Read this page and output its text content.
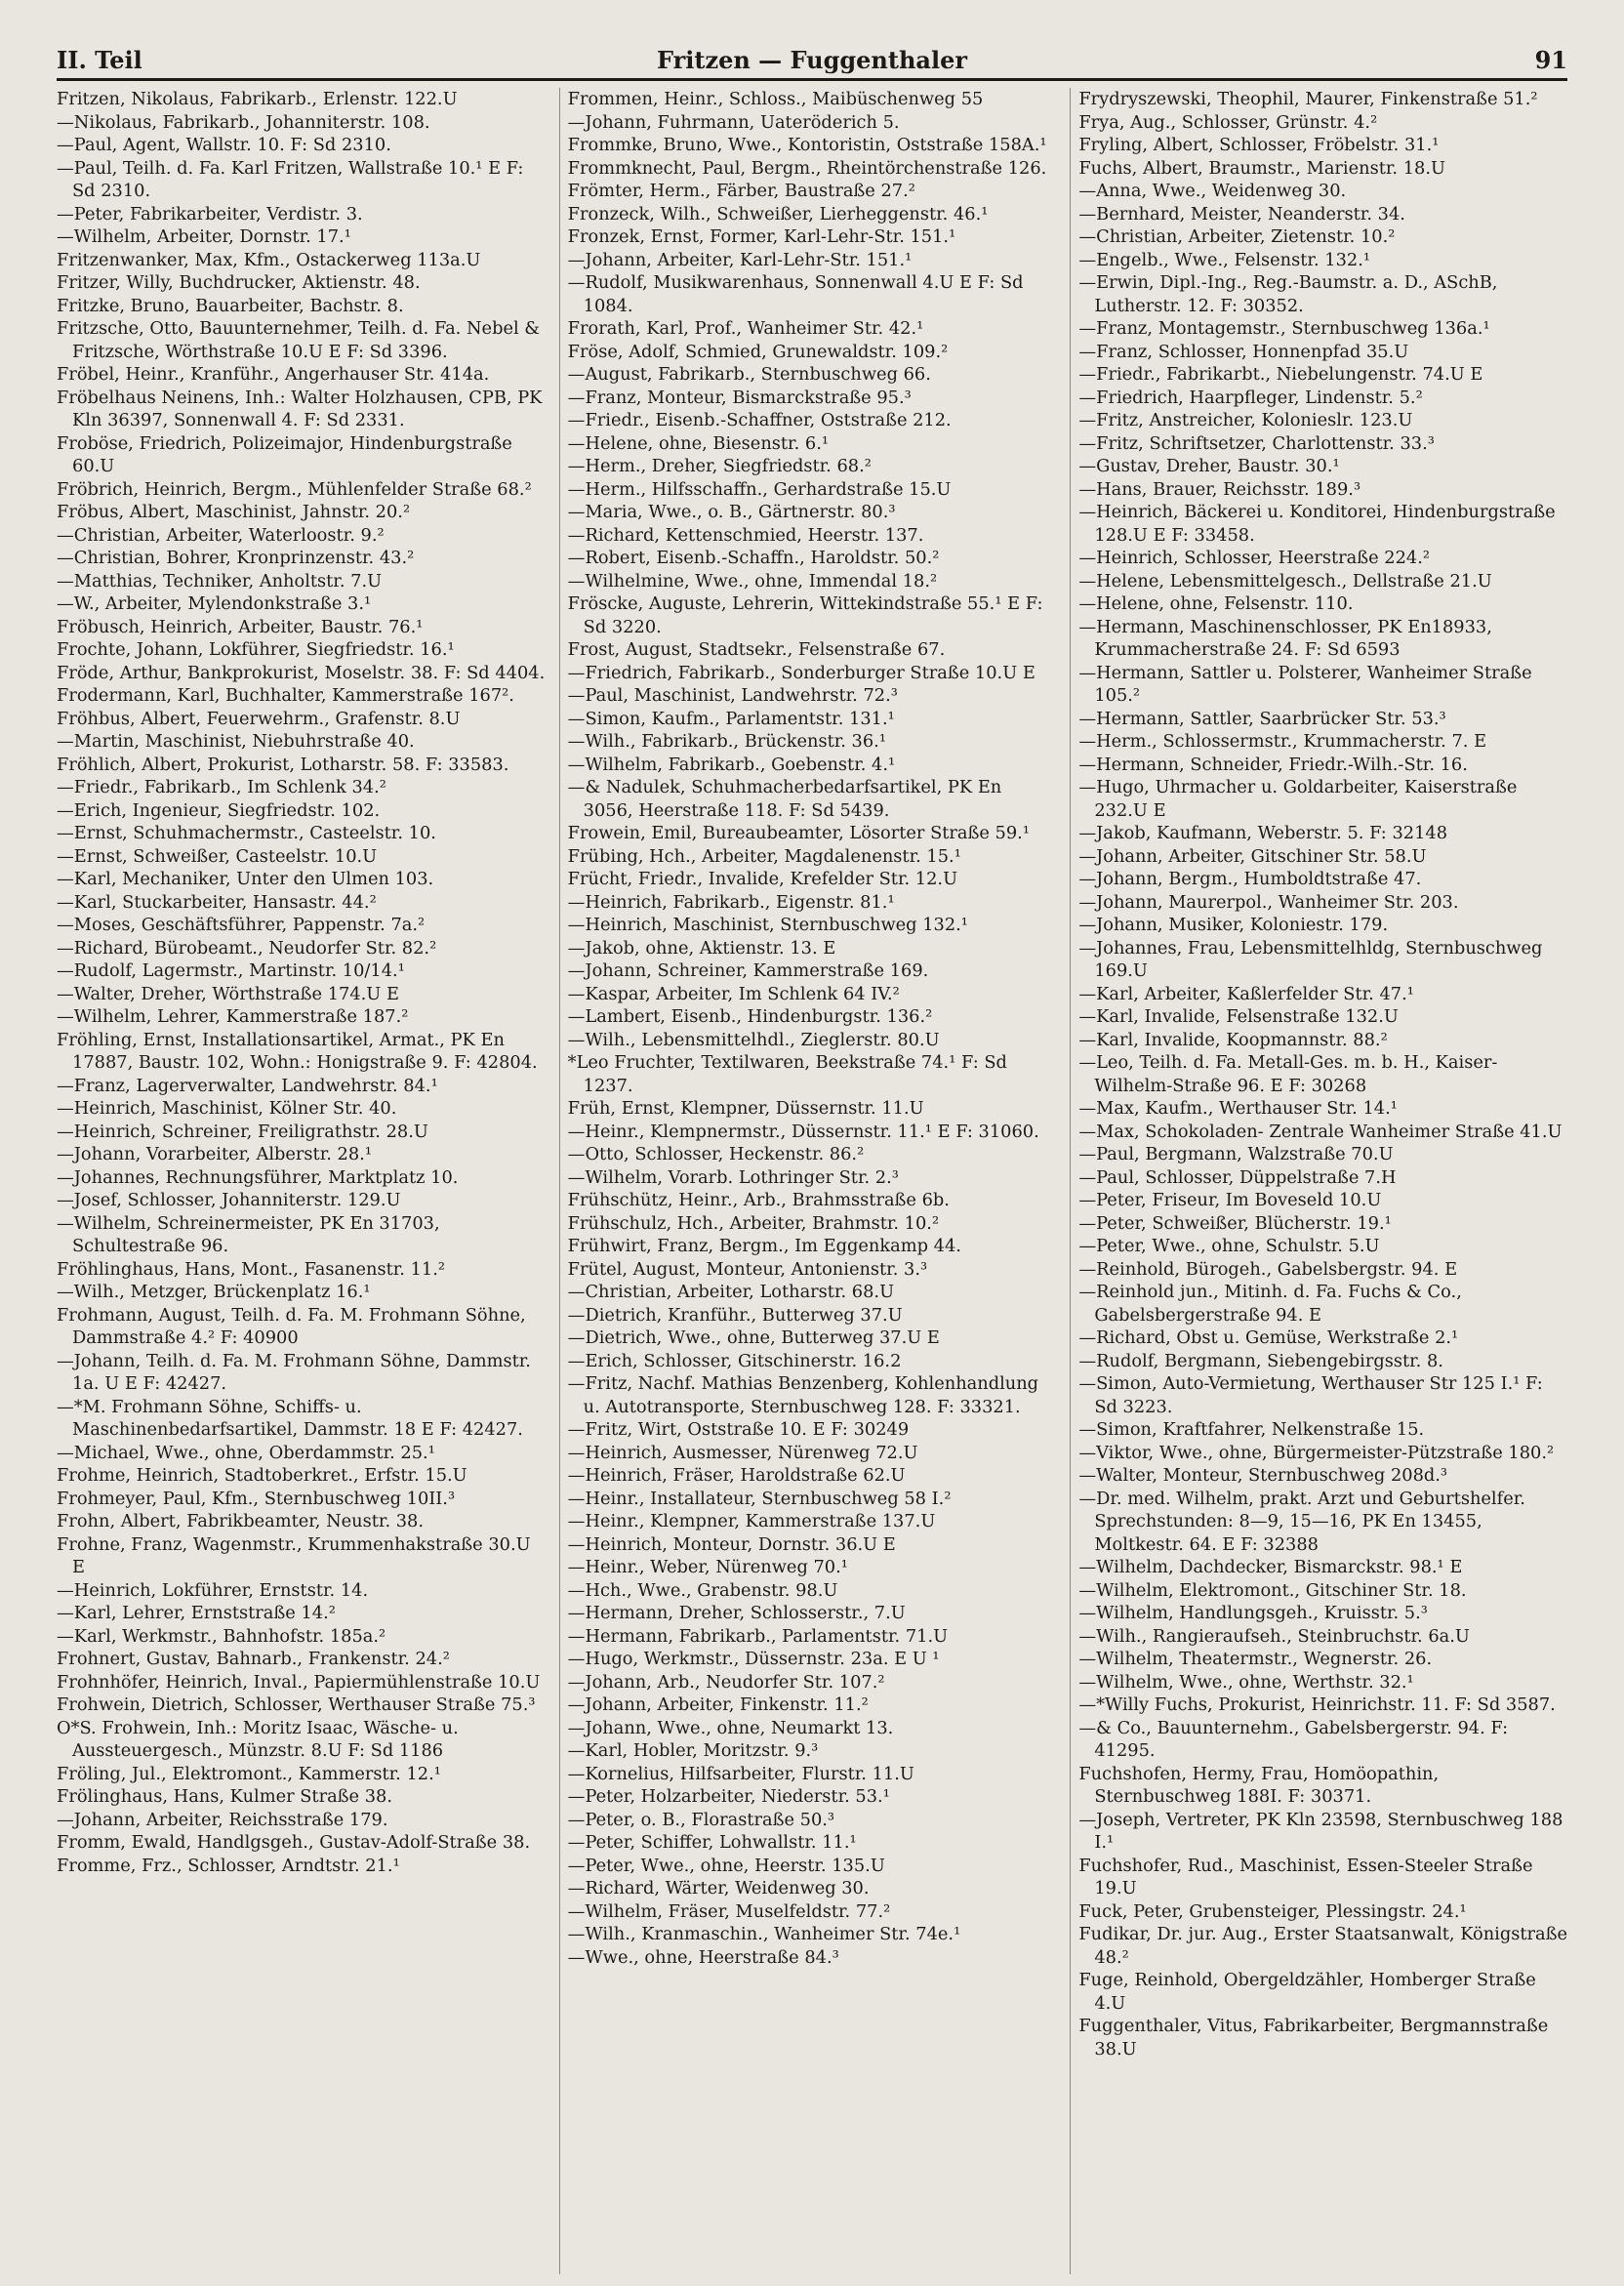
II. Teil	Fritzen — Fuggenthaler	91

Fritzen, Nikolaus, Fabrikarb., Erlenstr. 122.U

—Nikolaus, Fabrikarb., Johanniterstr. 108.

—Paul, Agent, Wallstr. 10. F: Sd 2310.

—Paul, Teilh. d. Fa. Karl Fritzen, Wallstraße 10.¹ E F: Sd 2310.

—Peter, Fabrikarbeiter, Verdistr. 3.

—Wilhelm, Arbeiter, Dornstr. 17.¹

Fritzenwanker, Max, Kfm., Ostackerweg 113a.U

Fritzer, Willy, Buchdrucker, Aktienstr. 48.

Fritzke, Bruno, Bauarbeiter, Bachstr. 8.

Fritzsche, Otto, Bauunternehmer, Teilh. d. Fa. Nebel & Fritzsche, Wörthstraße 10.U E F: Sd 3396.

Fröbel, Heinr., Kranführ., Angerhauser Str. 414a.

Fröbelhaus Neinens, Inh.: Walter Holzhausen, CPB, PK Kln 36397, Sonnenwall 4. F: Sd 2331.

Froböse, Friedrich, Polizeimajor, Hindenburgstraße 60.U

Fröbrich, Heinrich, Bergm., Mühlenfelder Straße 68.²

Fröbus, Albert, Maschinist, Jahnstr. 20.²

—Christian, Arbeiter, Waterloostr. 9.²

—Christian, Bohrer, Kronprinzenstr. 43.²

—Matthias, Techniker, Anholtstr. 7.U

—W., Arbeiter, Mylendonkstraße 3.¹

Fröbusch, Heinrich, Arbeiter, Baustr. 76.¹

Frochte, Johann, Lokführer, Siegfriedstr. 16.¹

Fröde, Arthur, Bankprokurist, Moselstr. 38. F: Sd 4404.

Frodermann, Karl, Buchhalter, Kammerstraße 167².

Fröhbus, Albert, Feuerwehrm., Grafenstr. 8.U

—Martin, Maschinist, Niebuhrstraße 40.

Fröhlich, Albert, Prokurist, Lotharstr. 58. F: 33583.

—Friedr., Fabrikarb., Im Schlenk 34.²

—Erich, Ingenieur, Siegfriedstr. 102.

—Ernst, Schuhmachermstr., Casteelstr. 10.

—Ernst, Schweißer, Casteelstr. 10.U

—Karl, Mechaniker, Unter den Ulmen 103.

—Karl, Stuckarbeiter, Hansastr. 44.²

—Moses, Geschäftsführer, Pappenstr. 7a.²

—Richard, Bürobeamt., Neudorfer Str. 82.²

—Rudolf, Lagermstr., Martinstr. 10/14.¹

—Walter, Dreher, Wörthstraße 174.U E

—Wilhelm, Lehrer, Kammerstraße 187.²

Fröhling, Ernst, Installationsartikel, Armat., PK En 17887, Baustr. 102, Wohn.: Honigstraße 9. F: 42804.

—Franz, Lagerverwalter, Landwehrstr. 84.¹

—Heinrich, Maschinist, Kölner Str. 40.

—Heinrich, Schreiner, Freiligrathstr. 28.U

—Johann, Vorarbeiter, Alberstr. 28.¹

—Johannes, Rechnungsführer, Marktplatz 10.

—Josef, Schlosser, Johanniterstr. 129.U

—Wilhelm, Schreinermeister, PK En 31703, Schultestraße 96.

Fröhlinghaus, Hans, Mont., Fasanenstr. 11.²

—Wilh., Metzger, Brückenplatz 16.¹

Frohmann, August, Teilh. d. Fa. M. Frohmann Söhne, Dammstraße 4.² F: 40900

—Johann, Teilh. d. Fa. M. Frohmann Söhne, Dammstr. 1a. U E F: 42427.

—*M. Frohmann Söhne, Schiffs- u. Maschinenbedarfsartikel, Dammstr. 18 E F: 42427.

—Michael, Wwe., ohne, Oberdammstr. 25.¹

Frohme, Heinrich, Stadtoberkret., Erfstr. 15.U

Frohmeyer, Paul, Kfm., Sternbuschweg 10II.³

Frohn, Albert, Fabrikbeamter, Neustr. 38.

Frohne, Franz, Wagenmstr., Krummenhakstraße 30.U E

—Heinrich, Lokführer, Ernststr. 14.

—Karl, Lehrer, Ernststraße 14.²

—Karl, Werkmstr., Bahnhofstr. 185a.²

Frohnert, Gustav, Bahnarb., Frankenstr. 24.²

Frohnhöfer, Heinrich, Inval., Papiermühlenstraße 10.U

Frohwein, Dietrich, Schlosser, Werthauser Straße 75.³

O*S. Frohwein, Inh.: Moritz Isaac, Wäsche- u. Aussteuergesch., Münzstr. 8.U F: Sd 1186

Fröling, Jul., Elektromont., Kammerstr. 12.¹

Frölinghaus, Hans, Kulmer Straße 38.

—Johann, Arbeiter, Reichsstraße 179.

Fromm, Ewald, Handlgsgeh., Gustav-Adolf-Straße 38.

Fromme, Frz., Schlosser, Arndtstr. 21.¹

Frommen, Heinr., Schloss., Maibüschenweg 55

—Johann, Fuhrmann, Uateröderich 5.

Frommke, Bruno, Wwe., Kontoristin, Oststraße 158A.¹

Frommknecht, Paul, Bergm., Rheintörchenstraße 126.

Frömter, Herm., Färber, Baustraße 27.²

Fronzeck, Wilh., Schweißer, Lierheggenstr. 46.¹

Fronzek, Ernst, Former, Karl-Lehr-Str. 151.¹

—Johann, Arbeiter, Karl-Lehr-Str. 151.¹

—Rudolf, Musikwarenhaus, Sonnenwall 4.U E F: Sd 1084.

Frorath, Karl, Prof., Wanheimer Str. 42.¹

Fröse, Adolf, Schmied, Grunewaldstr. 109.²

—August, Fabrikarb., Sternbuschweg 66.

—Franz, Monteur, Bismarckstraße 95.³

—Friedr., Eisenb.-Schaffner, Oststraße 212.

—Helene, ohne, Biesenstr. 6.¹

—Herm., Dreher, Siegfriedstr. 68.²

—Herm., Hilfsschaffn., Gerhardstraße 15.U

—Maria, Wwe., o. B., Gärtnerstr. 80.³

—Richard, Kettenschmied, Heerstr. 137.

—Robert, Eisenb.-Schaffn., Haroldstr. 50.²

—Wilhelmine, Wwe., ohne, Immendal 18.²

Fröscke, Auguste, Lehrerin, Wittekindstraße 55.¹ E F: Sd 3220.

Frost, August, Stadtsekr., Felsenstraße 67.

—Friedrich, Fabrikarb., Sonderburger Straße 10.U E

—Paul, Maschinist, Landwehrstr. 72.³

—Simon, Kaufm., Parlamentstr. 131.¹

—Wilh., Fabrikarb., Brückenstr. 36.¹

—Wilhelm, Fabrikarb., Goebenstr. 4.¹

—& Nadulek, Schuhmacherbedarfsartikel, PK En 3056, Heerstraße 118. F: Sd 5439.

Frowein, Emil, Bureaubeamter, Lösorter Straße 59.¹

Frübing, Hch., Arbeiter, Magdalenenstr. 15.¹

Frücht, Friedr., Invalide, Krefelder Str. 12.U

—Heinrich, Fabrikarb., Eigenstr. 81.¹

—Heinrich, Maschinist, Sternbuschweg 132.¹

—Jakob, ohne, Aktienstr. 13. E

—Johann, Schreiner, Kammerstraße 169.

—Kaspar, Arbeiter, Im Schlenk 64 IV.²

—Lambert, Eisenb., Hindenburgstr. 136.²

—Wilh., Lebensmittelhdl., Zieglerstr. 80.U

*Leo Fruchter, Textilwaren, Beekstraße 74.¹ F: Sd 1237.

Früh, Ernst, Klempner, Düssernstr. 11.U

—Heinr., Klempnermstr., Düssernstr. 11.¹ E F: 31060.

—Otto, Schlosser, Heckenstr. 86.²

—Wilhelm, Vorarb. Lothringer Str. 2.³

Frühschütz, Heinr., Arb., Brahmsstraße 6b.

Frühschulz, Hch., Arbeiter, Brahmstr. 10.²

Frühwirt, Franz, Bergm., Im Eggenkamp 44.

Frütel, August, Monteur, Antonienstr. 3.³

—Christian, Arbeiter, Lotharstr. 68.U

—Dietrich, Kranführ., Butterweg 37.U

—Dietrich, Wwe., ohne, Butterweg 37.U E

—Erich, Schlosser, Gitschinerstr. 16.2

—Fritz, Nachf. Mathias Benzenberg, Kohlenhandlung u. Autotransporte, Sternbuschweg 128. F: 33321.

—Fritz, Wirt, Oststraße 10. E F: 30249

—Heinrich, Ausmesser, Nürenweg 72.U

—Heinrich, Fräser, Haroldstraße 62.U

—Heinr., Installateur, Sternbuschweg 58 I.²

—Heinr., Klempner, Kammerstraße 137.U

—Heinrich, Monteur, Dornstr. 36.U E

—Heinr., Weber, Nürenweg 70.¹

—Hch., Wwe., Grabenstr. 98.U

—Hermann, Dreher, Schlosserstr., 7.U

—Hermann, Fabrikarb., Parlamentstr. 71.U

—Hugo, Werkmstr., Düssernstr. 23a. E U ¹

—Johann, Arb., Neudorfer Str. 107.²

—Johann, Arbeiter, Finkenstr. 11.²

—Johann, Wwe., ohne, Neumarkt 13.

—Karl, Hobler, Moritzstr. 9.³

—Kornelius, Hilfsarbeiter, Flurstr. 11.U

—Peter, Holzarbeiter, Niederstr. 53.¹

—Peter, o. B., Florastraße 50.³

—Peter, Schiffer, Lohwallstr. 11.¹

—Peter, Wwe., ohne, Heerstr. 135.U

—Richard, Wärter, Weidenweg 30.

—Wilhelm, Fräser, Muselfeldstr. 77.²

—Wilh., Kranmaschin., Wanheimer Str. 74e.¹

—Wwe., ohne, Heerstraße 84.³

Frydryszewski, Theophil, Maurer, Finkenstraße 51.²

Frya, Aug., Schlosser, Grünstr. 4.²

Fryling, Albert, Schlosser, Fröbelstr. 31.¹

Fuchs, Albert, Braumstr., Marienstr. 18.U

—Anna, Wwe., Weidenweg 30.

—Bernhard, Meister, Neanderstr. 34.

—Christian, Arbeiter, Zietenstr. 10.²

—Engelb., Wwe., Felsenstr. 132.¹

—Erwin, Dipl.-Ing., Reg.-Baumstr. a. D., ASchB, Lutherstr. 12. F: 30352.

—Franz, Montagemstr., Sternbuschweg 136a.¹

—Franz, Schlosser, Honnenpfad 35.U

—Friedr., Fabrikarbt., Niebelungenstr. 74.U E

—Friedrich, Haarpfleger, Lindenstr. 5.²

—Fritz, Anstreicher, Kolonieslr. 123.U

—Fritz, Schriftsetzer, Charlottenstr. 33.³

—Gustav, Dreher, Baustr. 30.¹

—Hans, Brauer, Reichsstr. 189.³

—Heinrich, Bäckerei u. Konditorei, Hindenburgstraße 128.U E F: 33458.

—Heinrich, Schlosser, Heerstraße 224.²

—Helene, Lebensmittelgesch., Dellstraße 21.U

—Helene, ohne, Felsenstr. 110.

—Hermann, Maschinenschlosser, PK En18933, Krummacherstraße 24. F: Sd 6593

—Hermann, Sattler u. Polsterer, Wanheimer Straße 105.²

—Hermann, Sattler, Saarbrücker Str. 53.³

—Herm., Schlossermstr., Krummacherstr. 7. E

—Hermann, Schneider, Friedr.-Wilh.-Str. 16.

—Hugo, Uhrmacher u. Goldarbeiter, Kaiserstraße 232.U E

—Jakob, Kaufmann, Weberstr. 5. F: 32148

—Johann, Arbeiter, Gitschiner Str. 58.U

—Johann, Bergm., Humboldtstraße 47.

—Johann, Maurerpol., Wanheimer Str. 203.

—Johann, Musiker, Koloniestr. 179.

—Johannes, Frau, Lebensmittelhldg, Sternbuschweg 169.U

—Karl, Arbeiter, Kaßlerfelder Str. 47.¹

—Karl, Invalide, Felsenstraße 132.U

—Karl, Invalide, Koopmannstr. 88.²

—Leo, Teilh. d. Fa. Metall-Ges. m. b. H., Kaiser-Wilhelm-Straße 96. E F: 30268

—Max, Kaufm., Werthauser Str. 14.¹

—Max, Schokoladen- Zentrale Wanheimer Straße 41.U

—Paul, Bergmann, Walzstraße 70.U

—Paul, Schlosser, Düppelstraße 7.H

—Peter, Friseur, Im Boveseld 10.U

—Peter, Schweißer, Blücherstr. 19.¹

—Peter, Wwe., ohne, Schulstr. 5.U

—Reinhold, Bürogeh., Gabelsbergstr. 94. E

—Reinhold jun., Mitinh. d. Fa. Fuchs & Co., Gabelsbergerstraße 94. E

—Richard, Obst u. Gemüse, Werkstraße 2.¹

—Rudolf, Bergmann, Siebengebirgsstr. 8.

—Simon, Auto-Vermietung, Werthauser Str 125 I.¹ F: Sd 3223.

—Simon, Kraftfahrer, Nelkenstraße 15.

—Viktor, Wwe., ohne, Bürgermeister-Pützstraße 180.²

—Walter, Monteur, Sternbuschweg 208d.³

—Dr. med. Wilhelm, prakt. Arzt und Geburtshelfer. Sprechstunden: 8—9, 15—16, PK En 13455, Moltkestr. 64. E F: 32388

—Wilhelm, Dachdecker, Bismarckstr. 98.¹ E

—Wilhelm, Elektromont., Gitschiner Str. 18.

—Wilhelm, Handlungsgeh., Kruisstr. 5.³

—Wilh., Rangieraufseh., Steinbruchstr. 6a.U

—Wilhelm, Theatermstr., Wegnerstr. 26.

—Wilhelm, Wwe., ohne, Werthstr. 32.¹

—*Willy Fuchs, Prokurist, Heinrichstr. 11. F: Sd 3587.

—& Co., Bauunternehm., Gabelsbergerstr. 94. F: 41295.

Fuchshofen, Hermy, Frau, Homöopathin, Sternbuschweg 188I. F: 30371.

—Joseph, Vertreter, PK Kln 23598, Sternbuschweg 188 I.¹

Fuchshofer, Rud., Maschinist, Essen-Steeler Straße 19.U

Fuck, Peter, Grubensteiger, Plessingstr. 24.¹

Fudikar, Dr. jur. Aug., Erster Staatsanwalt, Königstraße 48.²

Fuge, Reinhold, Obergeldzähler, Homberger Straße 4.U

Fuggenthaler, Vitus, Fabrikarbeiter, Bergmannstraße 38.U
